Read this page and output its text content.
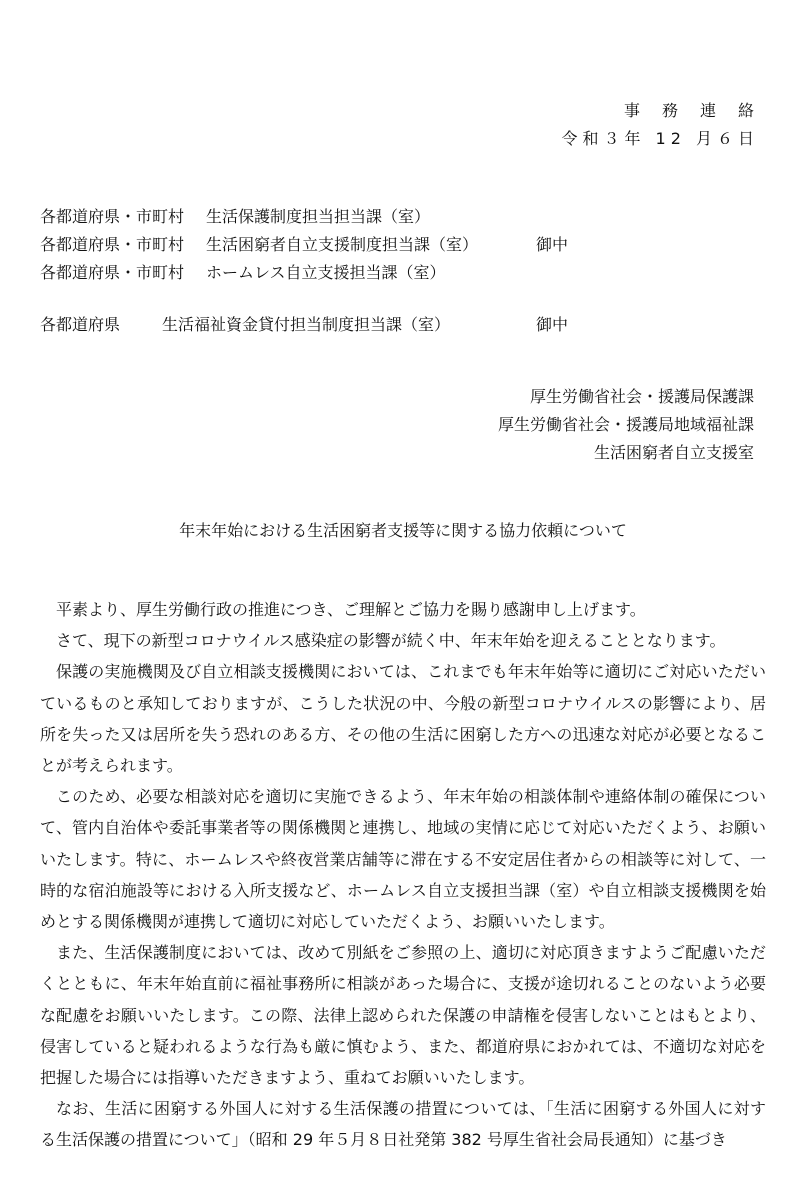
事務連絡
令和３年 12 月６日
各都道府県・市町村 生活保護制度担当担当課（室）
各都道府県・市町村 生活困窮者自立支援制度担当課（室）	御中
各都道府県・市町村 ホームレス自立支援担当課（室）
各都道府県	生活福祉資金貸付担当制度担当課（室）	御中
厚生労働省社会・援護局保護課
厚生労働省社会・援護局地域福祉課
生活困窮者自立支援室
年末年始における生活困窮者支援等に関する協力依頼について

平素より、厚生労働行政の推進につき、ご理解とご協力を賜り感謝申し上げます。

さて、現下の新型コロナウイルス感染症の影響が続く中、年末年始を迎えることとなります。

保護の実施機関及び自立相談支援機関においては、これまでも年末年始等に適切にご対応いただいているものと承知しておりますが、こうした状況の中、今般の新型コロナウイルスの影響により、居所を失った又は居所を失う恐れのある方、その他の生活に困窮した方への迅速な対応が必要となることが考えられます。

このため、必要な相談対応を適切に実施できるよう、年末年始の相談体制や連絡体制の確保について、管内自治体や委託事業者等の関係機関と連携し、地域の実情に応じて対応いただくよう、お願いいたします。特に、ホームレスや終夜営業店舗等に滞在する不安定居住者からの相談等に対して、一時的な宿泊施設等における入所支援など、ホームレス自立支援担当課（室）や自立相談支援機関を始めとする関係機関が連携して適切に対応していただくよう、お願いいたします。

また、生活保護制度においては、改めて別紙をご参照の上、適切に対応頂きますようご配慮いただくとともに、年末年始直前に福祉事務所に相談があった場合に、支援が途切れることのないよう必要な配慮をお願いいたします。この際、法律上認められた保護の申請権を侵害しないことはもとより、侵害していると疑われるような行為も厳に慎むよう、また、都道府県におかれては、不適切な対応を把握した場合には指導いただきますよう、重ねてお願いいたします。

なお、生活に困窮する外国人に対する生活保護の措置については、「生活に困窮する外国人に対する生活保護の措置について」（昭和 29 年５月８日社発第 382 号厚生省社会局長通知）に基づき
